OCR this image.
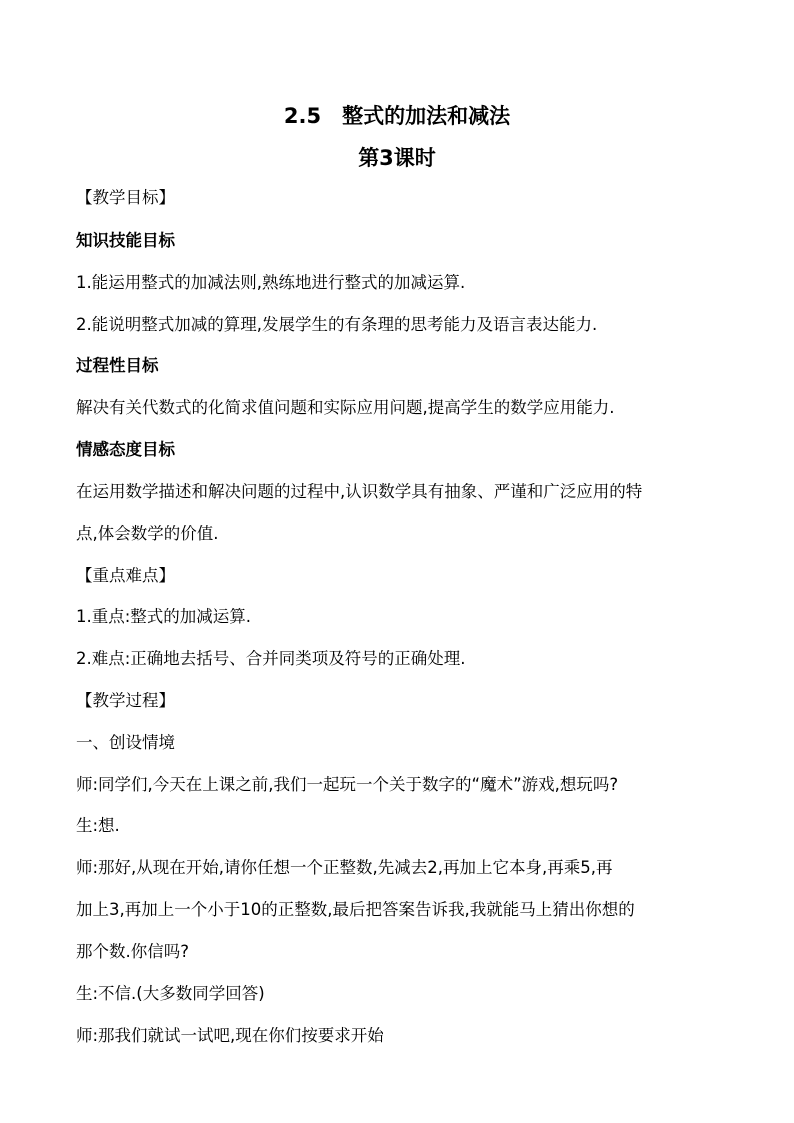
2.5　整式的加法和减法
第3课时
【教学目标】
知识技能目标
1.能运用整式的加减法则,熟练地进行整式的加减运算.
2.能说明整式加减的算理,发展学生的有条理的思考能力及语言表达能力.
过程性目标
解决有关代数式的化简求值问题和实际应用问题,提高学生的数学应用能力.
情感态度目标
在运用数学描述和解决问题的过程中,认识数学具有抽象、严谨和广泛应用的特
点,体会数学的价值.
【重点难点】
1.重点:整式的加减运算.
2.难点:正确地去括号、合并同类项及符号的正确处理.
【教学过程】
一、创设情境
师:同学们,今天在上课之前,我们一起玩一个关于数字的“魔术”游戏,想玩吗?
生:想.
师:那好,从现在开始,请你任想一个正整数,先减去2,再加上它本身,再乘5,再
加上3,再加上一个小于10的正整数,最后把答案告诉我,我就能马上猜出你想的
那个数.你信吗?
生:不信.(大多数同学回答)
师:那我们就试一试吧,现在你们按要求开始
